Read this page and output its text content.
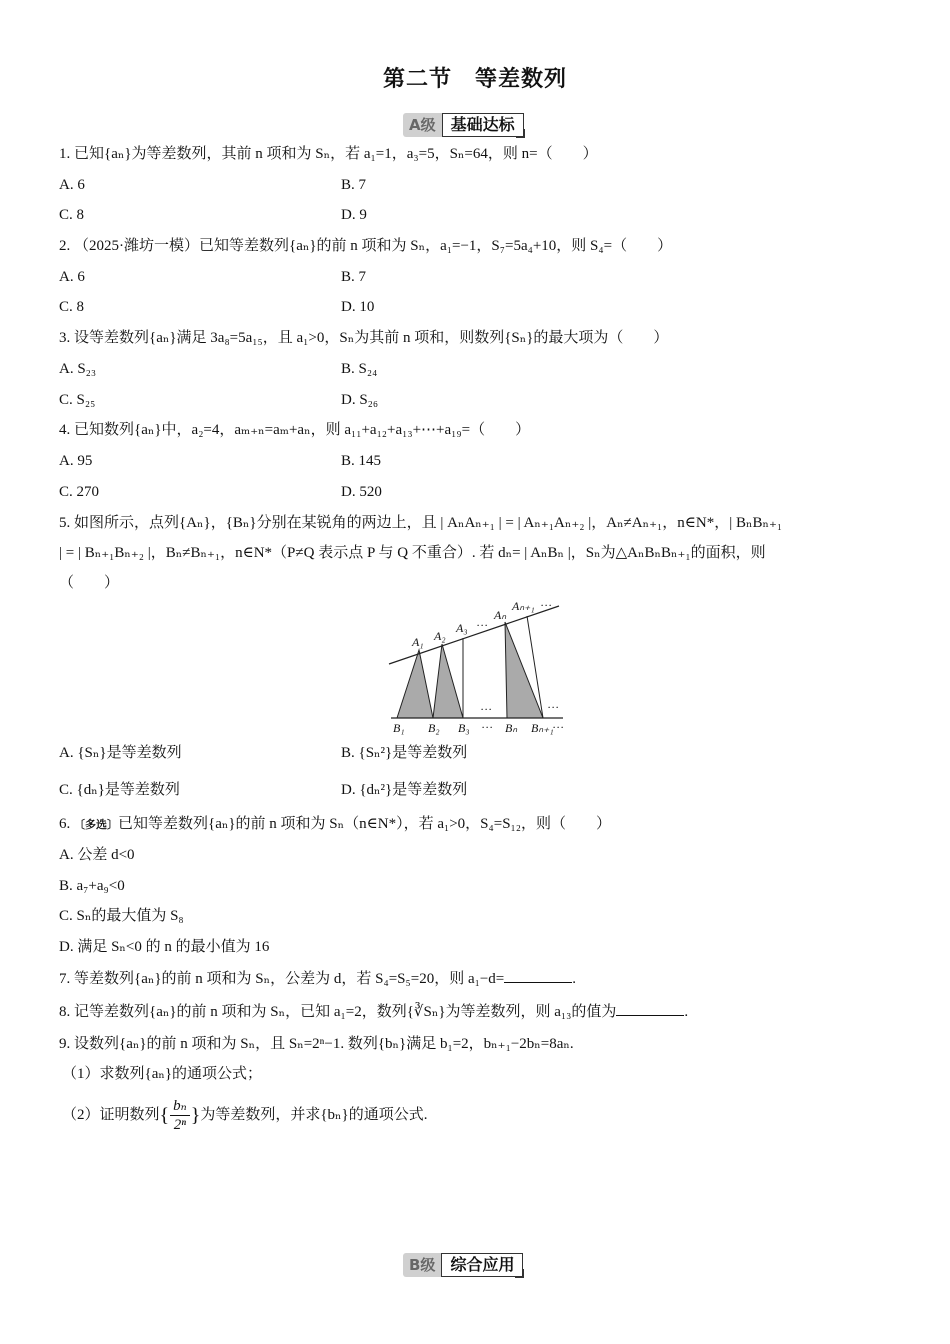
第二节　等差数列
A级 基础达标
1. 已知{aₙ}为等差数列，其前 n 项和为 Sₙ，若 a₁=1，a₃=5，Sₙ=64，则 n=（　　）
A. 6	B. 7
C. 8	D. 9
2. （2025·潍坊一模）已知等差数列{aₙ}的前 n 项和为 Sₙ，a₁=−1，S₇=5a₄+10，则 S₄=（　　）
A. 6	B. 7
C. 8	D. 10
3. 设等差数列{aₙ}满足 3a₈=5a₁₅，且 a₁>0，Sₙ为其前 n 项和，则数列{Sₙ}的最大项为（　　）
A. S₂₃	B. S₂₄
C. S₂₅	D. S₂₆
4. 已知数列{aₙ}中，a₂=4，aₘ₊ₙ=aₘ+aₙ，则 a₁₁+a₁₂+a₁₃+⋯+a₁₉=（　　）
A. 95	B. 145
C. 270	D. 520
5. 如图所示，点列{Aₙ}，{Bₙ}分别在某锐角的两边上，且 | AₙAₙ₊₁ | = | Aₙ₊₁Aₙ₊₂ |，Aₙ≠Aₙ₊₁，n∈N*，| BₙBₙ₊₁
| = | Bₙ₊₁Bₙ₊₂ |，Bₙ≠Bₙ₊₁，n∈N*（P≠Q 表示点 P 与 Q 不重合）. 若 dₙ= | AₙBₙ |，Sₙ为△AₙBₙBₙ₊₁的面积，则
（　　）
A₁ A₂
A₃ … Aₙ
Aₙ₊₁ …
…	…
B₁ B₂ B₃ … Bₙ Bₙ₊₁ …
A. {Sₙ}是等差数列	B. {Sₙ²}是等差数列
C. {dₙ}是等差数列	D. {dₙ²}是等差数列
6. 〔多选〕已知等差数列{aₙ}的前 n 项和为 Sₙ（n∈N*），若 a₁>0，S₄=S₁₂，则（　　）
A. 公差 d<0
B. a₇+a₉<0
C. Sₙ的最大值为 S₈
D. 满足 Sₙ<0 的 n 的最小值为 16
7. 等差数列{aₙ}的前 n 项和为 Sₙ，公差为 d，若 S₄=S₅=20，则 a₁−d=	.
8. 记等差数列{aₙ}的前 n 项和为 Sₙ，已知 a₁=2，数列{∛Sₙ}为等差数列，则 a₁₃的值为	.
9. 设数列{aₙ}的前 n 项和为 Sₙ，且 Sₙ=2ⁿ−1. 数列{bₙ}满足 b₁=2，bₙ₊₁−2bₙ=8aₙ.
（1）求数列{aₙ}的通项公式；
（2）证明数列{ $\frac{\text{bₙ}}{\text{2ⁿ}}$ }为等差数列，并求{bₙ}的通项公式.
B级 综合应用
